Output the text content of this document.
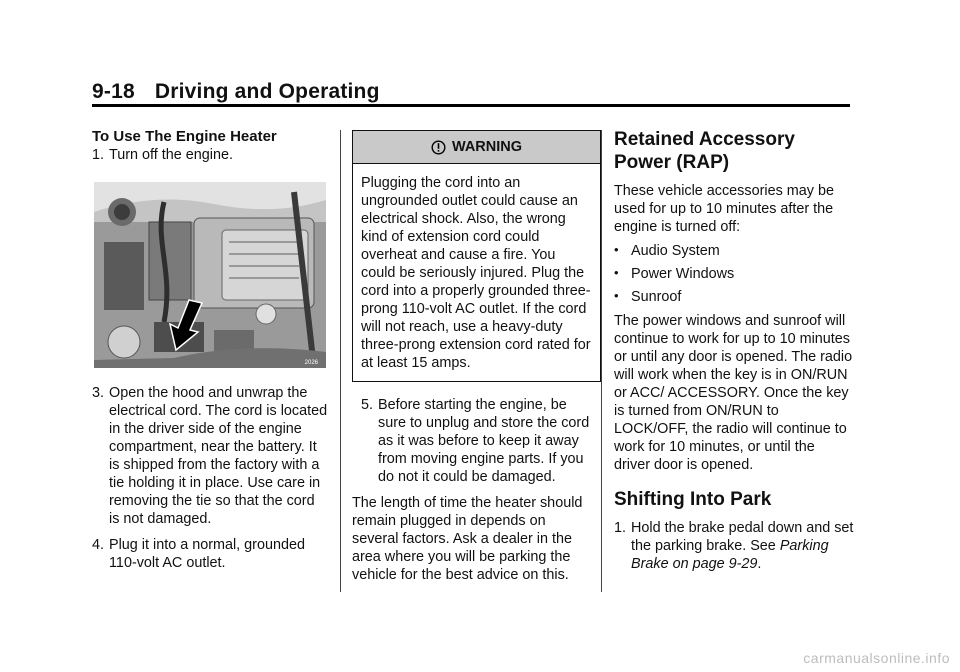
9-18 Driving and Operating

To Use The Engine Heater

1. Turn off the engine.

2026

3. Open the hood and unwrap the electrical cord. The cord is located in the driver side of the engine compartment, near the battery. It is shipped from the factory with a tie holding it in place. Use care in removing the tie so that the cord is not damaged.

4. Plug it into a normal, grounded 110-volt AC outlet.

WARNING
Plugging the cord into an ungrounded outlet could cause an electrical shock. Also, the wrong kind of extension cord could overheat and cause a fire. You could be seriously injured. Plug the cord into a properly grounded three-prong 110-volt AC outlet. If the cord will not reach, use a heavy-duty three-prong extension cord rated for at least 15 amps.

5. Before starting the engine, be sure to unplug and store the cord as it was before to keep it away from moving engine parts. If you do not it could be damaged.

The length of time the heater should remain plugged in depends on several factors. Ask a dealer in the area where you will be parking the vehicle for the best advice on this.

Retained Accessory Power (RAP)

These vehicle accessories may be used for up to 10 minutes after the engine is turned off:

• Audio System

• Power Windows

• Sunroof

The power windows and sunroof will continue to work for up to 10 minutes or until any door is opened. The radio will work when the key is in ON/RUN or ACC/ ACCESSORY. Once the key is turned from ON/RUN to LOCK/OFF, the radio will continue to work for 10 minutes, or until the driver door is opened.

Shifting Into Park

1. Hold the brake pedal down and set the parking brake. See Parking Brake on page 9-29.

carmanualsonline.info
